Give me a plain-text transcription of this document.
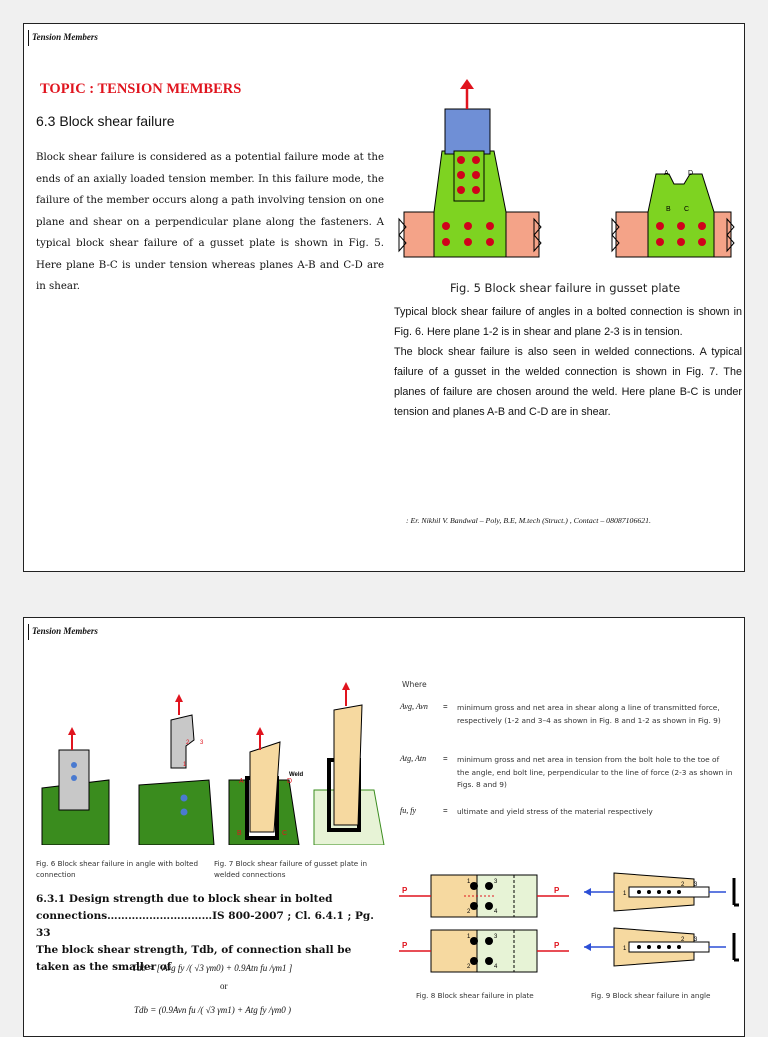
Tension Members
TOPIC : TENSION MEMBERS
6.3 Block shear failure
Block shear failure is considered as a potential failure mode at the ends of an axially loaded tension member. In this failure mode, the failure of the member occurs along a path involving tension on one plane and shear on a perpendicular plane along the fasteners. A typical block shear failure of a gusset plate is shown in Fig. 5. Here plane B-C is under tension whereas planes A-B and C-D are in shear.
A	D
B C
Fig. 5 Block shear failure in gusset plate
Typical block shear failure of angles in a bolted connection is shown in Fig. 6. Here plane 1-2 is in shear and plane 2-3 is in tension.
The block shear failure is also seen in welded connections. A typical failure of a gusset in the welded connection is shown in Fig. 7. The planes of failure are chosen around the weld. Here plane B-C is under tension and planes A-B and C-D are in shear.
: Er. Nikhil V. Bandwal – Poly, B.E, M.tech (Struct.) , Contact – 08087106621.
Tension Members
2 3
1
A	D
B	C
Weld
Fig. 6 Block shear failure in angle with bolted connection
Fig. 7 Block shear failure of gusset plate in welded connections
6.3.1 Design strength due to block shear in bolted connections…………………………IS 800-2007 ; Cl. 6.4.1 ; Pg. 33
The block shear strength, Tdb, of connection shall be taken as the smaller of
Tdb = [ Avg fy /( √3 γm0) + 0.9Atn fu /γm1 ]
or
Tdb = (0.9Avn fu /( √3 γm1) + Atg fy /γm0 )
Where
Avg, Avn = minimum gross and net area in shear along a line of transmitted force, respectively (1-2 and 3–4 as shown in Fig. 8 and 1-2 as shown in Fig. 9)
Atg, Atn = minimum gross and net area in tension from the bolt hole to the toe of the angle, end bolt line, perpendicular to the line of force (2-3 as shown in Figs. 8 and 9)
fu, fy	= ultimate and yield stress of the material respectively
P	P
1
2
3
4
P	P
1
2
3
4
1
2 3
1
2 3
Fig. 8 Block shear failure in plate	Fig. 9 Block shear failure in angle
